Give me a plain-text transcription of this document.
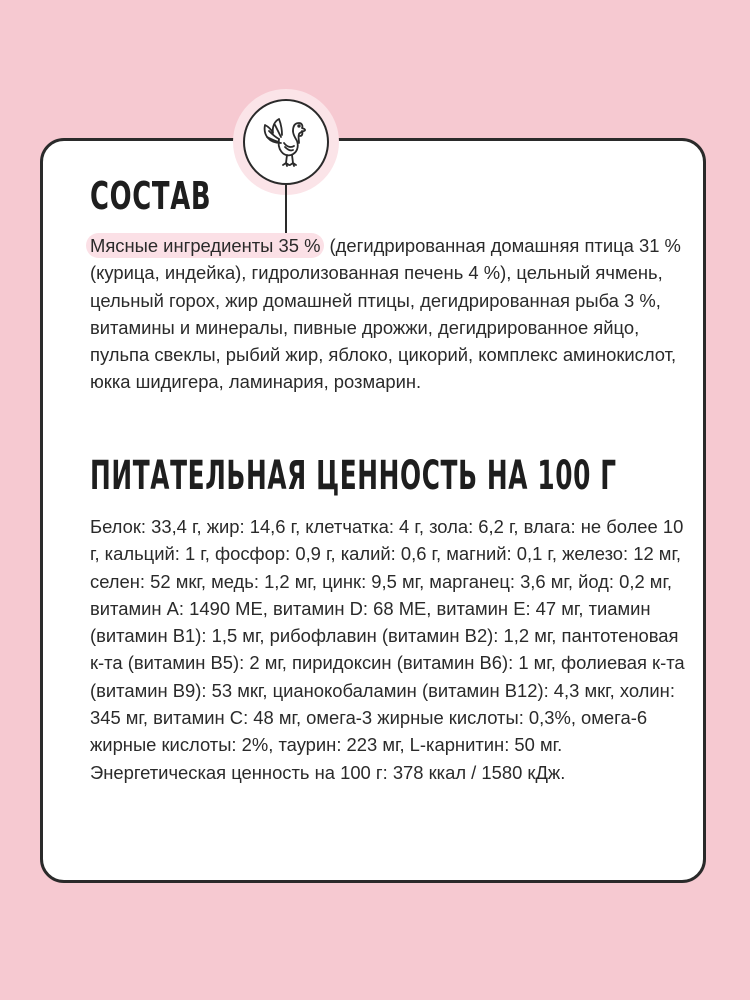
СОСТАВ
Мясные ингредиенты 35 % (дегидрированная домашняя птица 31 % (курица, индейка), гидролизованная печень 4 %), цельный ячмень, цельный горох, жир домашней птицы, дегидрированная рыба 3 %, витамины и минералы, пивные дрожжи, дегидрированное яйцо, пульпа свеклы, рыбий жир, яблоко, цикорий, комплекс аминокислот, юкка шидигера, ламинария, розмарин.
ПИТАТЕЛЬНАЯ ЦЕННОСТЬ НА 100 Г
Белок: 33,4 г, жир: 14,6 г, клетчатка: 4 г, зола: 6,2 г, влага: не более 10 г, кальций: 1 г, фосфор: 0,9 г, калий: 0,6 г, магний: 0,1 г, железо: 12 мг, селен: 52 мкг, медь: 1,2 мг, цинк: 9,5 мг, марганец: 3,6 мг, йод: 0,2 мг, витамин А: 1490 МЕ, витамин D: 68 МЕ, витамин Е: 47 мг, тиамин (витамин В1): 1,5 мг, рибофлавин (витамин В2): 1,2 мг, пантотеновая к-та (витамин В5): 2 мг, пиридоксин (витамин В6): 1 мг, фолиевая к-та (витамин В9): 53 мкг, цианокобаламин (витамин В12): 4,3 мкг, холин: 345 мг, витамин С: 48 мг, омега-3 жирные кислоты: 0,3%, омега-6 жирные кислоты: 2%, таурин: 223 мг, L-карнитин: 50 мг.
Энергетическая ценность на 100 г: 378 ккал / 1580 кДж.
